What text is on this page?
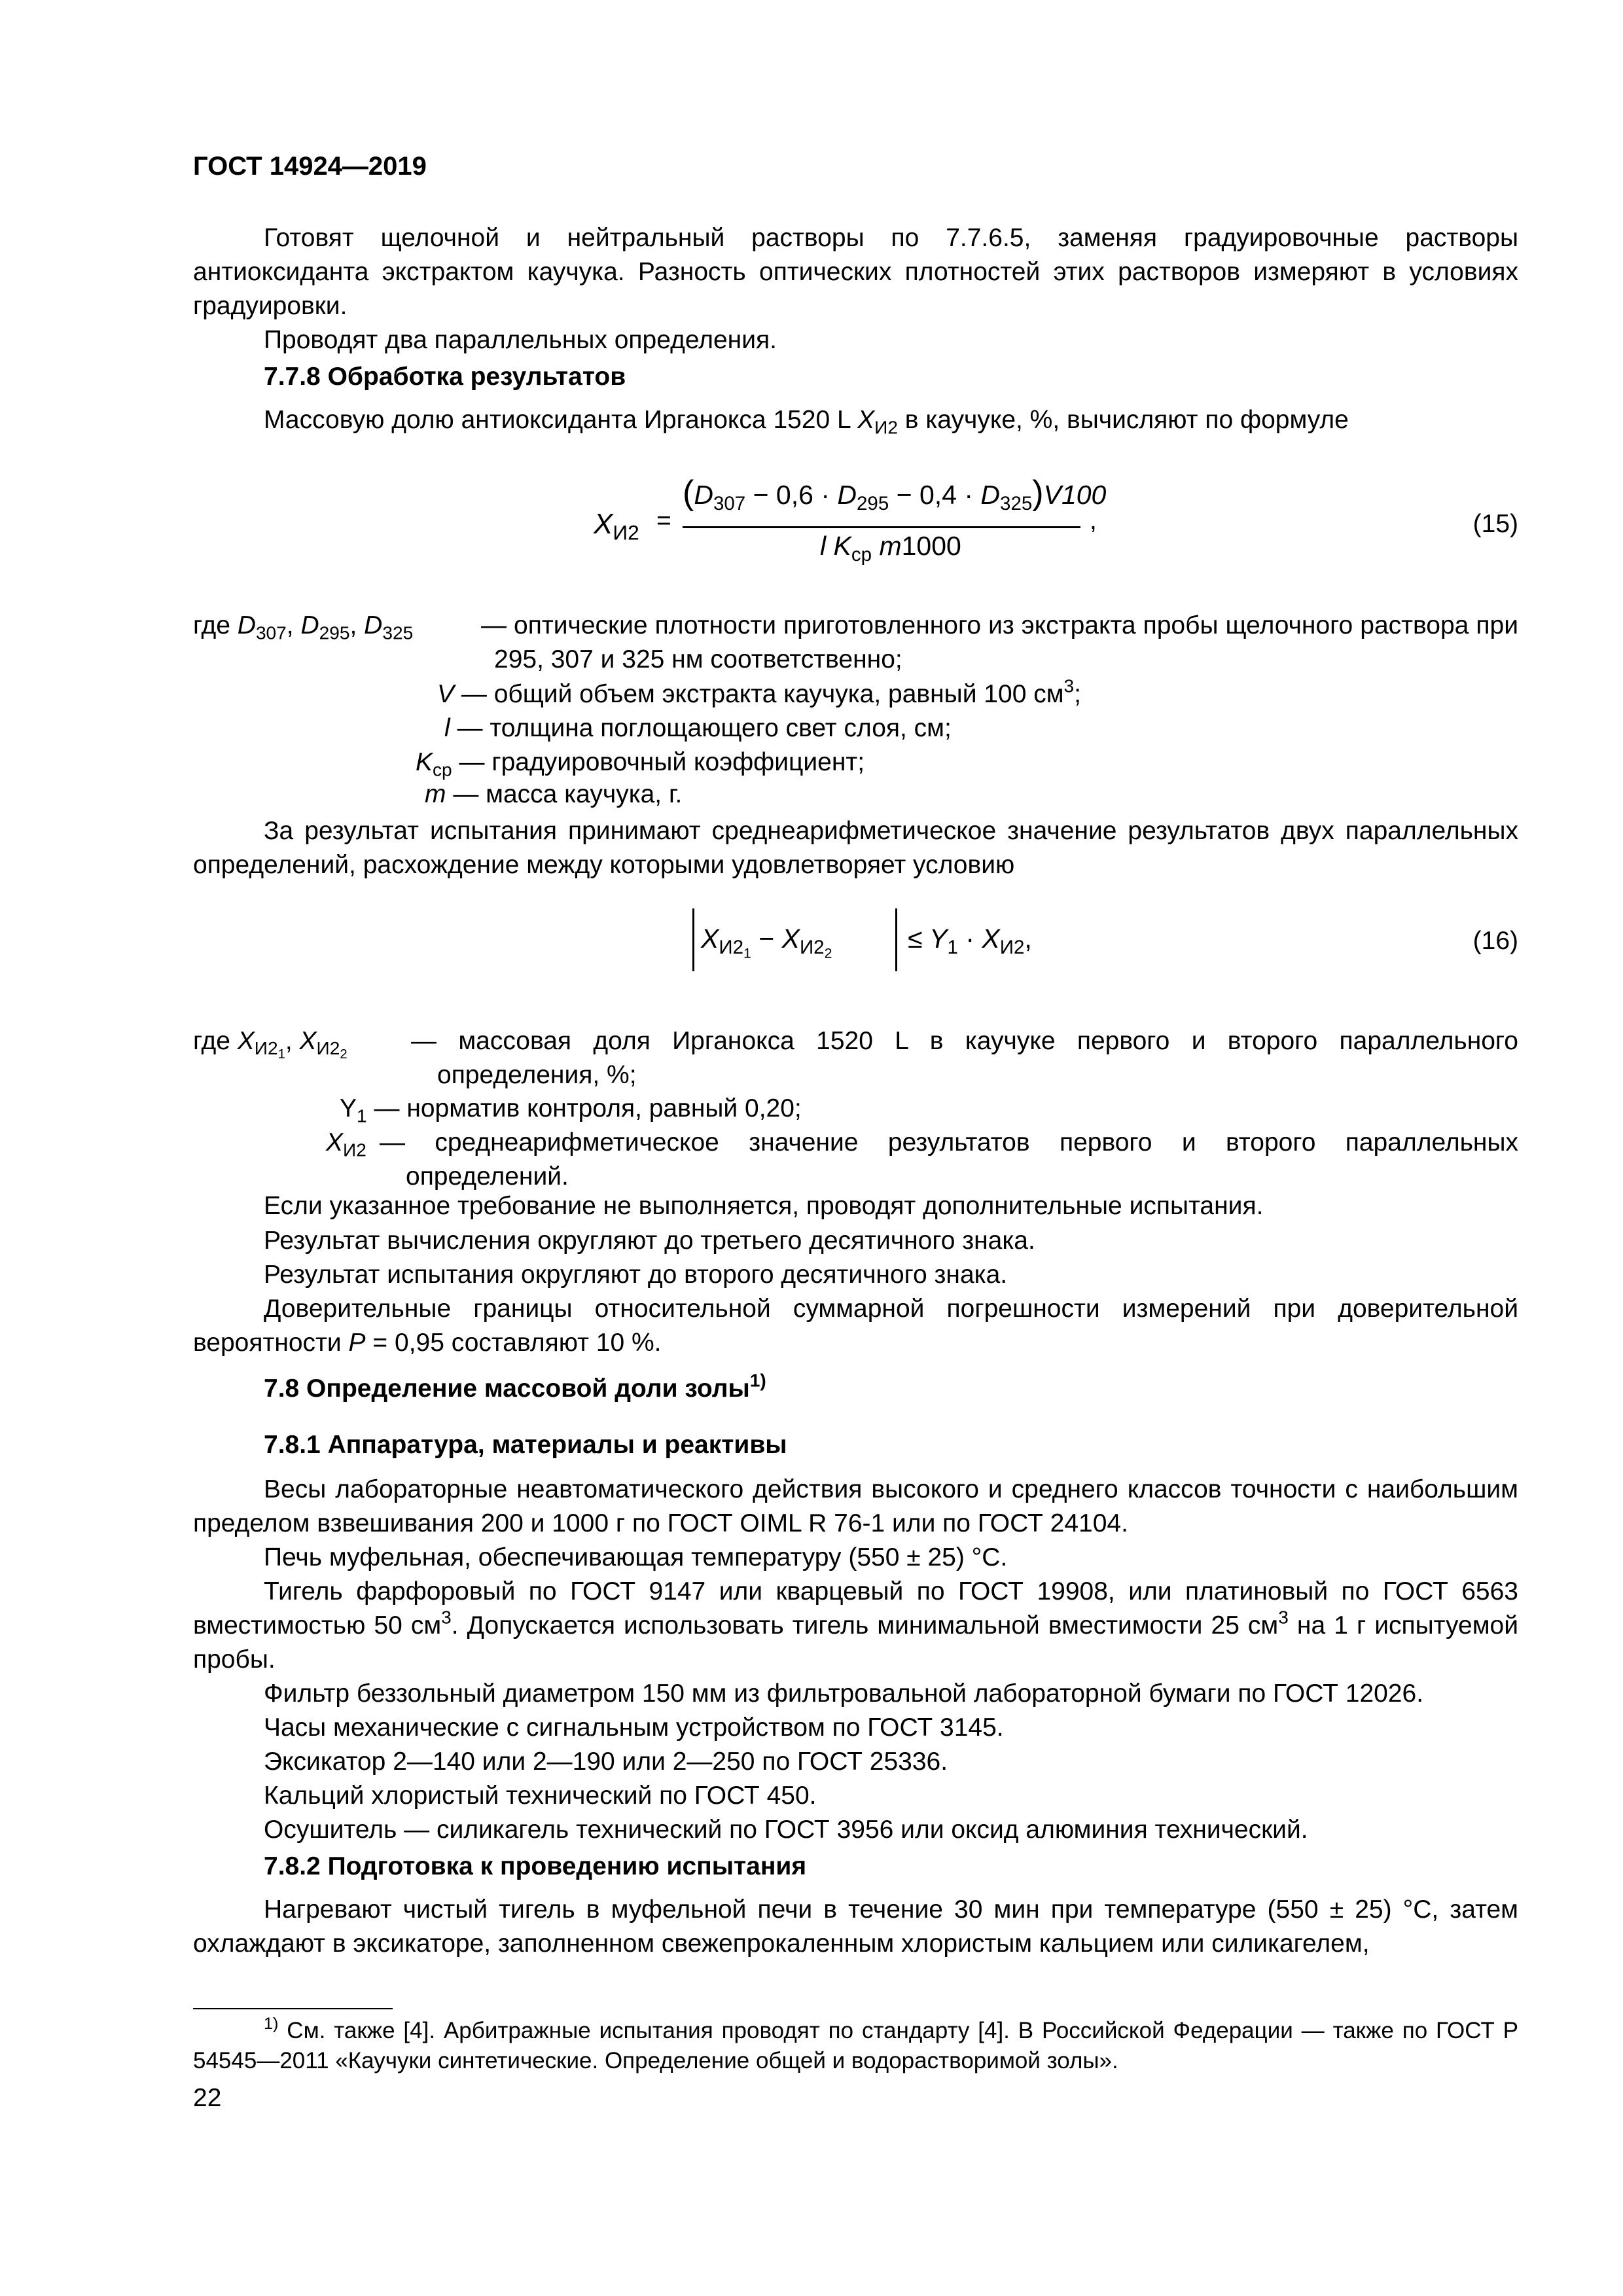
ГОСТ 14924—2019
Готовят щелочной и нейтральный растворы по 7.7.6.5, заменяя градуировочные растворы антиоксиданта экстрактом каучука. Разность оптических плотностей этих растворов измеряют в условиях градуировки.
Проводят два параллельных определения.
7.7.8 Обработка результатов
Массовую долю антиоксиданта Ирганокса 1520 L $X_{И2}$ в каучуке, %, вычисляют по формуле
$X_{И2}$ =
$(D_{307} - 0,6 \cdot D_{295} - 0,4 \cdot D_{325})V100$
l $K_{ср}$ m1000
,	(15)
где $D_{307}$, $D_{295}$, $D_{325}$	— оптические плотности приготовленного из экстракта пробы щелочного раствора при 295, 307 и 325 нм соответственно;
V — общий объем экстракта каучука, равный 100 $см^3$;
l — толщина поглощающего свет слоя, см;
$K_{ср}$ — градуировочный коэффициент;
m — масса каучука, г.
За результат испытания принимают среднеарифметическое значение результатов двух параллельных определений, расхождение между которыми удовлетворяет условию
$X_{И2_1} - X_{И2_2}$	≤ $Y_1 \cdot X_{И2}$,	(16)
где $X_{И2_1}$, $X_{И2_2}$ — массовая доля Ирганокса 1520 L в каучуке первого и второго параллельного определения, %;
$Y_1$ — норматив контроля, равный 0,20;
$X_{И2}$ — среднеарифметическое значение результатов первого и второго параллельных определений.
Если указанное требование не выполняется, проводят дополнительные испытания.
Результат вычисления округляют до третьего десятичного знака.
Результат испытания округляют до второго десятичного знака.
Доверительные границы относительной суммарной погрешности измерений при доверительной вероятности P = 0,95 составляют 10 %.
7.8 Определение массовой доли золы$^{1)}$
7.8.1 Аппаратура, материалы и реактивы
Весы лабораторные неавтоматического действия высокого и среднего классов точности с наибольшим пределом взвешивания 200 и 1000 г по ГОСТ OIML R 76-1 или по ГОСТ 24104.
Печь муфельная, обеспечивающая температуру (550 ± 25) °С.
Тигель фарфоровый по ГОСТ 9147 или кварцевый по ГОСТ 19908, или платиновый по ГОСТ 6563 вместимостью 50 $см^3$. Допускается использовать тигель минимальной вместимости 25 $см^3$ на 1 г испытуемой пробы.
Фильтр беззольный диаметром 150 мм из фильтровальной лабораторной бумаги по ГОСТ 12026.
Часы механические с сигнальным устройством по ГОСТ 3145.
Эксикатор 2—140 или 2—190 или 2—250 по ГОСТ 25336.
Кальций хлористый технический по ГОСТ 450.
Осушитель — силикагель технический по ГОСТ 3956 или оксид алюминия технический.
7.8.2 Подготовка к проведению испытания
Нагревают чистый тигель в муфельной печи в течение 30 мин при температуре (550 ± 25) °С, затем охлаждают в эксикаторе, заполненном свежепрокаленным хлористым кальцием или силикагелем,
$^{1)}$ См. также [4]. Арбитражные испытания проводят по стандарту [4]. В Российской Федерации — также по ГОСТ Р 54545—2011 «Каучуки синтетические. Определение общей и водорастворимой золы».
22
